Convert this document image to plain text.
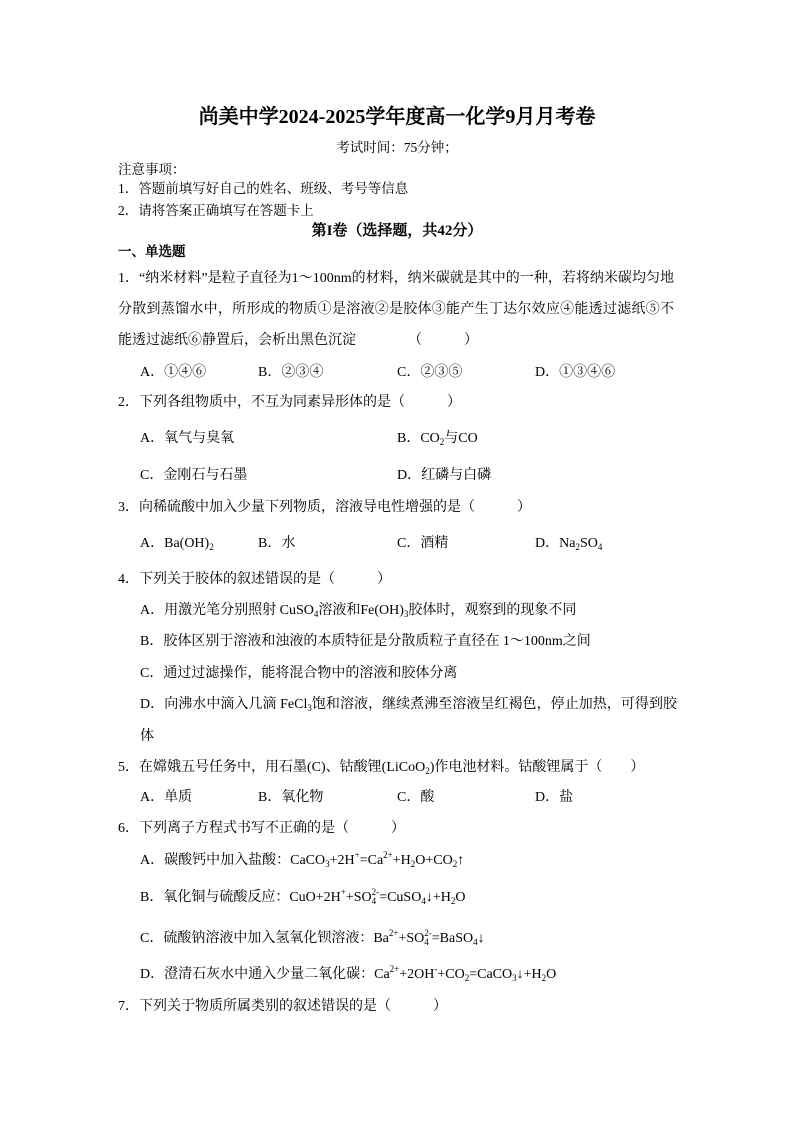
尚美中学2024-2025学年度高一化学9月月考卷
考试时间：75分钟；
注意事项：
1．答题前填写好自己的姓名、班级、考号等信息
2．请将答案正确填写在答题卡上
第I卷（选择题，共42分）
一、单选题
1．“纳米材料”是粒子直径为1～100nm的材料，纳米碳就是其中的一种，若将纳米碳均匀地
分散到蒸馏水中，所形成的物质①是溶液②是胶体③能产生丁达尔效应④能透过滤纸⑤不
能透过滤纸⑥静置后，会析出黑色沉淀	（　　　）
A．①④⑥	B．②③④	C．②③⑤	D．①③④⑥
2．下列各组物质中，不互为同素异形体的是（　　　）
A．氧气与臭氧	B．$CO_2$与CO
C．金刚石与石墨	D．红磷与白磷
3．向稀硫酸中加入少量下列物质，溶液导电性增强的是（　　　）
A．$Ba(OH)_2$	B．水	C．酒精	D．$Na_2SO_4$
4．下列关于胶体的叙述错误的是（　　　）
A．用激光笔分别照射 CuSO$_4$溶液和$Fe(OH)_3$胶体时，观察到的现象不同
B．胶体区别于溶液和浊液的本质特征是分散质粒子直径在 1～100nm之间
C．通过过滤操作，能将混合物中的溶液和胶体分离
D．向沸水中滴入几滴 FeCl$_3$饱和溶液，继续煮沸至溶液呈红褐色，停止加热，可得到胶
体
5．在嫦娥五号任务中，用石墨(C)、钴酸锂(LiCoO$_2$)作电池材料。钴酸锂属于（　　）
A．单质	B．氧化物	C．酸	D．盐
6．下列离子方程式书写不正确的是（　　　）
A．碳酸钙中加入盐酸：$CaCO_3+2H^+=Ca^{2+}+H_2O+CO_2↑$
B．氧化铜与硫酸反应：CuO+2H++SO 2-
$4 =CuSO_4↓+H_2O$
C．硫酸钠溶液中加入氢氧化钡溶液：$Ba^{2+}+SO$ 2-
4 =BaSO$_4$↓
D．澄清石灰水中通入少量二氧化碳：$Ca^{2+}+2OH^-+CO_2=CaCO_3↓+H_2O$
7．下列关于物质所属类别的叙述错误的是（　　　）
